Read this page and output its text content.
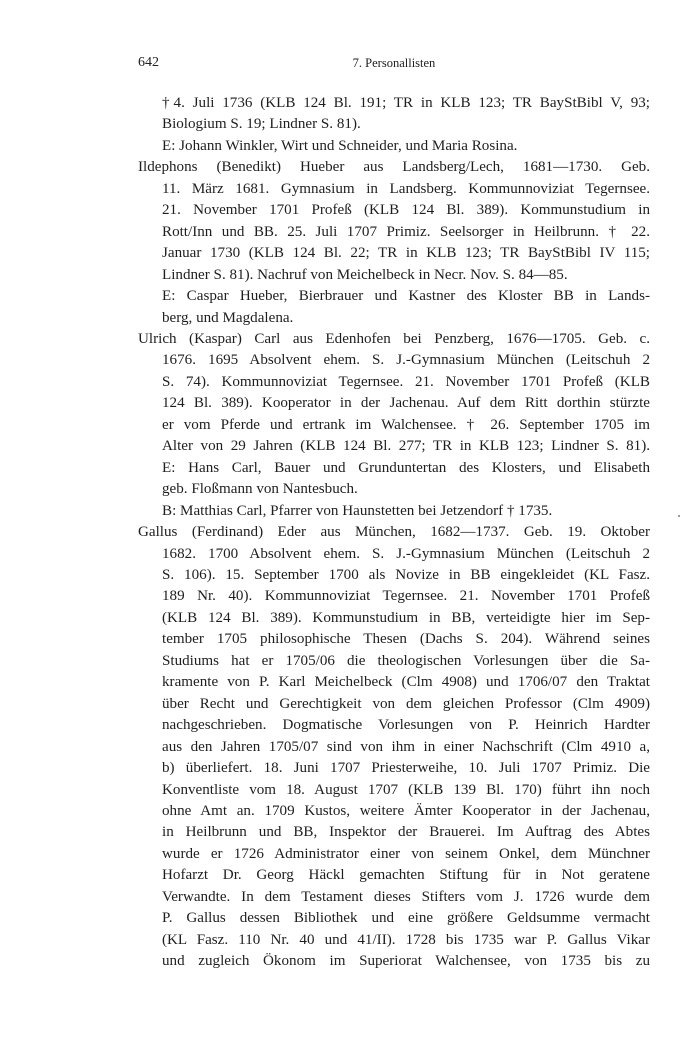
642	7. Personallisten
†4. Juli 1736 (KLB 124 Bl. 191; TR in KLB 123; TR BayStBibl V, 93;
Biologium S. 19; Lindner S. 81).
E: Johann Winkler, Wirt und Schneider, und Maria Rosina.
Ildephons (Benedikt) Hueber aus Landsberg/Lech, 1681—1730. Geb.
11. März 1681. Gymnasium in Landsberg. Kommunnoviziat Tegernsee.
21. November 1701 Profeß (KLB 124 Bl. 389). Kommunstudium in
Rott/Inn und BB. 25. Juli 1707 Primiz. Seelsorger in Heilbrunn. † 22.
Januar 1730 (KLB 124 Bl. 22; TR in KLB 123; TR BayStBibl IV 115;
Lindner S. 81). Nachruf von Meichelbeck in Necr. Nov. S. 84—85.
E: Caspar Hueber, Bierbrauer und Kastner des Kloster BB in Lands-
berg, und Magdalena.
Ulrich (Kaspar) Carl aus Edenhofen bei Penzberg, 1676—1705. Geb. c.
1676. 1695 Absolvent ehem. S. J.-Gymnasium München (Leitschuh 2
S. 74). Kommunnoviziat Tegernsee. 21. November 1701 Profeß (KLB
124 Bl. 389). Kooperator in der Jachenau. Auf dem Ritt dorthin stürzte
er vom Pferde und ertrank im Walchensee. † 26. September 1705 im
Alter von 29 Jahren (KLB 124 Bl. 277; TR in KLB 123; Lindner S. 81).
E: Hans Carl, Bauer und Grunduntertan des Klosters, und Elisabeth
geb. Floßmann von Nantesbuch.
B: Matthias Carl, Pfarrer von Haunstetten bei Jetzendorf † 1735.
Gallus (Ferdinand) Eder aus München, 1682—1737. Geb. 19. Oktober
1682. 1700 Absolvent ehem. S. J.-Gymnasium München (Leitschuh 2
S. 106). 15. September 1700 als Novize in BB eingekleidet (KL Fasz.
189 Nr. 40). Kommunnoviziat Tegernsee. 21. November 1701 Profeß
(KLB 124 Bl. 389). Kommunstudium in BB, verteidigte hier im Sep-
tember 1705 philosophische Thesen (Dachs S. 204). Während seines
Studiums hat er 1705/06 die theologischen Vorlesungen über die Sa-
kramente von P. Karl Meichelbeck (Clm 4908) und 1706/07 den Traktat
über Recht und Gerechtigkeit von dem gleichen Professor (Clm 4909)
nachgeschrieben. Dogmatische Vorlesungen von P. Heinrich Hardter
aus den Jahren 1705/07 sind von ihm in einer Nachschrift (Clm 4910 a,
b) überliefert. 18. Juni 1707 Priesterweihe, 10. Juli 1707 Primiz. Die
Konventliste vom 18. August 1707 (KLB 139 Bl. 170) führt ihn noch
ohne Amt an. 1709 Kustos, weitere Ämter Kooperator in der Jachenau,
in Heilbrunn und BB, Inspektor der Brauerei. Im Auftrag des Abtes
wurde er 1726 Administrator einer von seinem Onkel, dem Münchner
Hofarzt Dr. Georg Häckl gemachten Stiftung für in Not geratene
Verwandte. In dem Testament dieses Stifters vom J. 1726 wurde dem
P. Gallus dessen Bibliothek und eine größere Geldsumme vermacht
(KL Fasz. 110 Nr. 40 und 41/II). 1728 bis 1735 war P. Gallus Vikar
und zugleich Ökonom im Superiorat Walchensee, von 1735 bis zu
